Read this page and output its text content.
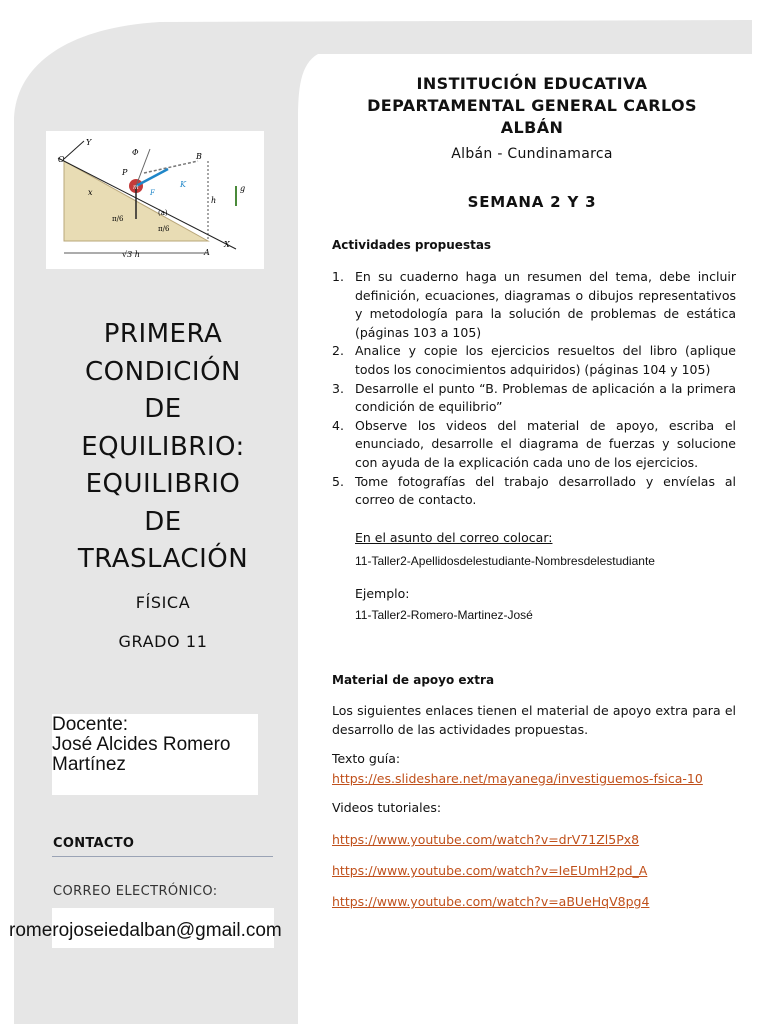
Y
O
Φ	B
P
m	K	g
x	F
h
π/6
π/6
(a)
√3 h	A
X
PRIMERA
CONDICIÓN
DE
EQUILIBRIO:
EQUILIBRIO
DE
TRASLACIÓN
FÍSICA
GRADO 11
Docente:
José Alcides Romero
Martínez
CONTACTO
CORREO ELECTRÓNICO:
romerojoseiedalban@gmail.com
INSTITUCIÓN EDUCATIVA
DEPARTAMENTAL GENERAL CARLOS
ALBÁN
Albán - Cundinamarca
SEMANA 2 Y 3
Actividades propuestas
1. En su cuaderno haga un resumen del tema, debe incluir definición, ecuaciones, diagramas o dibujos representativos y metodología para la solución de problemas de estática (páginas 103 a 105)
2. Analice y copie los ejercicios resueltos del libro (aplique todos los conocimientos adquiridos) (páginas 104 y 105)
3. Desarrolle el punto “B. Problemas de aplicación a la primera condición de equilibrio”
4. Observe los videos del material de apoyo, escriba el enunciado, desarrolle el diagrama de fuerzas y solucione con ayuda de la explicación cada uno de los ejercicios.
5. Tome fotografías del trabajo desarrollado y envíelas al correo de contacto.
En el asunto del correo colocar:
11-Taller2-Apellidosdelestudiante-Nombresdelestudiante
Ejemplo:
11-Taller2-Romero-Martinez-José
Material de apoyo extra
Los siguientes enlaces tienen el material de apoyo extra para el desarrollo de las actividades propuestas.
Texto guía:
https://es.slideshare.net/mayanega/investiguemos-fsica-10
Videos tutoriales:
https://www.youtube.com/watch?v=drV71Zl5Px8
https://www.youtube.com/watch?v=IeEUmH2pd_A
https://www.youtube.com/watch?v=aBUeHqV8pg4
